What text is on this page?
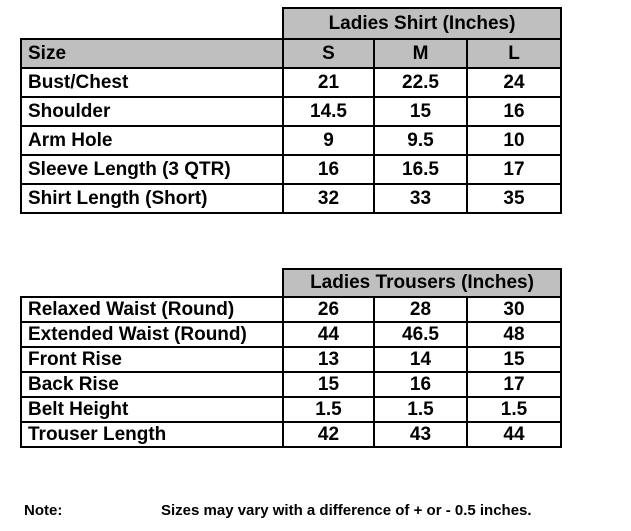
	Ladies Shirt (Inches)		
Size	S	M	L
Bust/Chest	21	22.5	24
Shoulder	14.5	15	16
Arm Hole	9	9.5	10
Sleeve Length (3 QTR)	16	16.5	17
Shirt Length (Short)	32	33	35
	Ladies Trousers (Inches)		
Relaxed Waist (Round)	26	28	30
Extended Waist (Round)	44	46.5	48
Front Rise	13	14	15
Back Rise	15	16	17
Belt Height	1.5	1.5	1.5
Trouser Length	42	43	44
Note:	Sizes may vary with a difference of + or - 0.5 inches.
